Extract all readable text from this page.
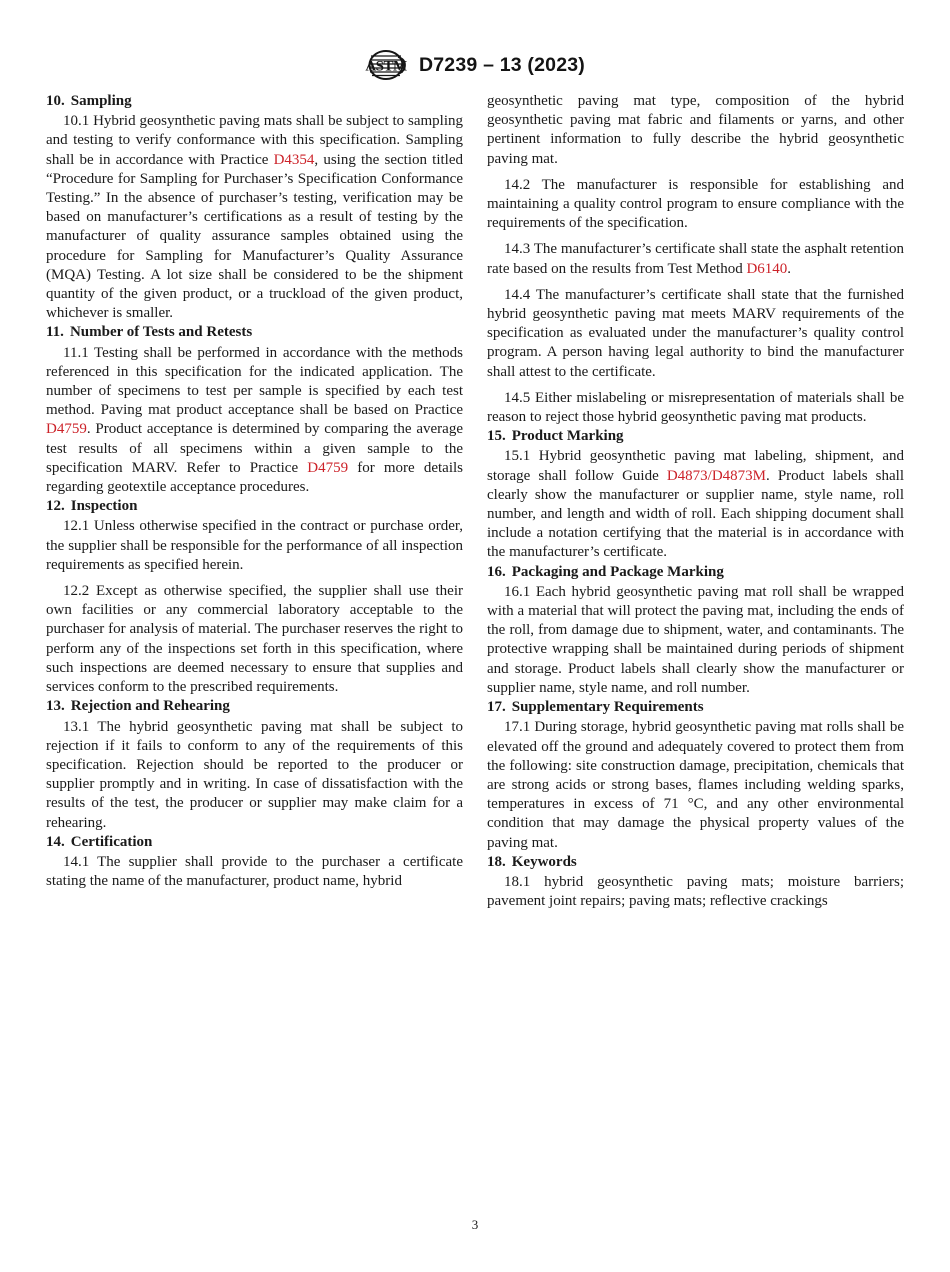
ASTM D7239 – 13 (2023)
10. Sampling

10.1 Hybrid geosynthetic paving mats shall be subject to sampling and testing to verify conformance with this specification. Sampling shall be in accordance with Practice D4354, using the section titled “Procedure for Sampling for Purchaser’s Specification Conformance Testing.” In the absence of purchaser’s testing, verification may be based on manufacturer’s certifications as a result of testing by the manufacturer of quality assurance samples obtained using the procedure for Sampling for Manufacturer’s Quality Assurance (MQA) Testing. A lot size shall be considered to be the shipment quantity of the given product, or a truckload of the given product, whichever is smaller.

11. Number of Tests and Retests

11.1 Testing shall be performed in accordance with the methods referenced in this specification for the indicated application. The number of specimens to test per sample is specified by each test method. Paving mat product acceptance shall be based on Practice D4759. Product acceptance is determined by comparing the average test results of all specimens within a given sample to the specification MARV. Refer to Practice D4759 for more details regarding geotextile acceptance procedures.

12. Inspection

12.1 Unless otherwise specified in the contract or purchase order, the supplier shall be responsible for the performance of all inspection requirements as specified herein.

12.2 Except as otherwise specified, the supplier shall use their own facilities or any commercial laboratory acceptable to the purchaser for analysis of material. The purchaser reserves the right to perform any of the inspections set forth in this specification, where such inspections are deemed necessary to ensure that supplies and services conform to the prescribed requirements.

13. Rejection and Rehearing

13.1 The hybrid geosynthetic paving mat shall be subject to rejection if it fails to conform to any of the requirements of this specification. Rejection should be reported to the producer or supplier promptly and in writing. In case of dissatisfaction with the results of the test, the producer or supplier may make claim for a rehearing.

14. Certification

14.1 The supplier shall provide to the purchaser a certificate stating the name of the manufacturer, product name, hybrid

geosynthetic paving mat type, composition of the hybrid geosynthetic paving mat fabric and filaments or yarns, and other pertinent information to fully describe the hybrid geosynthetic paving mat.

14.2 The manufacturer is responsible for establishing and maintaining a quality control program to ensure compliance with the requirements of the specification.

14.3 The manufacturer’s certificate shall state the asphalt retention rate based on the results from Test Method D6140.

14.4 The manufacturer’s certificate shall state that the furnished hybrid geosynthetic paving mat meets MARV requirements of the specification as evaluated under the manufacturer’s quality control program. A person having legal authority to bind the manufacturer shall attest to the certificate.

14.5 Either mislabeling or misrepresentation of materials shall be reason to reject those hybrid geosynthetic paving mat products.

15. Product Marking

15.1 Hybrid geosynthetic paving mat labeling, shipment, and storage shall follow Guide D4873/D4873M. Product labels shall clearly show the manufacturer or supplier name, style name, roll number, and length and width of roll. Each shipping document shall include a notation certifying that the material is in accordance with the manufacturer’s certificate.

16. Packaging and Package Marking

16.1 Each hybrid geosynthetic paving mat roll shall be wrapped with a material that will protect the paving mat, including the ends of the roll, from damage due to shipment, water, and contaminants. The protective wrapping shall be maintained during periods of shipment and storage. Product labels shall clearly show the manufacturer or supplier name, style name, and roll number.

17. Supplementary Requirements

17.1 During storage, hybrid geosynthetic paving mat rolls shall be elevated off the ground and adequately covered to protect them from the following: site construction damage, precipitation, chemicals that are strong acids or strong bases, flames including welding sparks, temperatures in excess of 71 °C, and any other environmental condition that may damage the physical property values of the paving mat.

18. Keywords

18.1 hybrid geosynthetic paving mats; moisture barriers; pavement joint repairs; paving mats; reflective crackings

3
